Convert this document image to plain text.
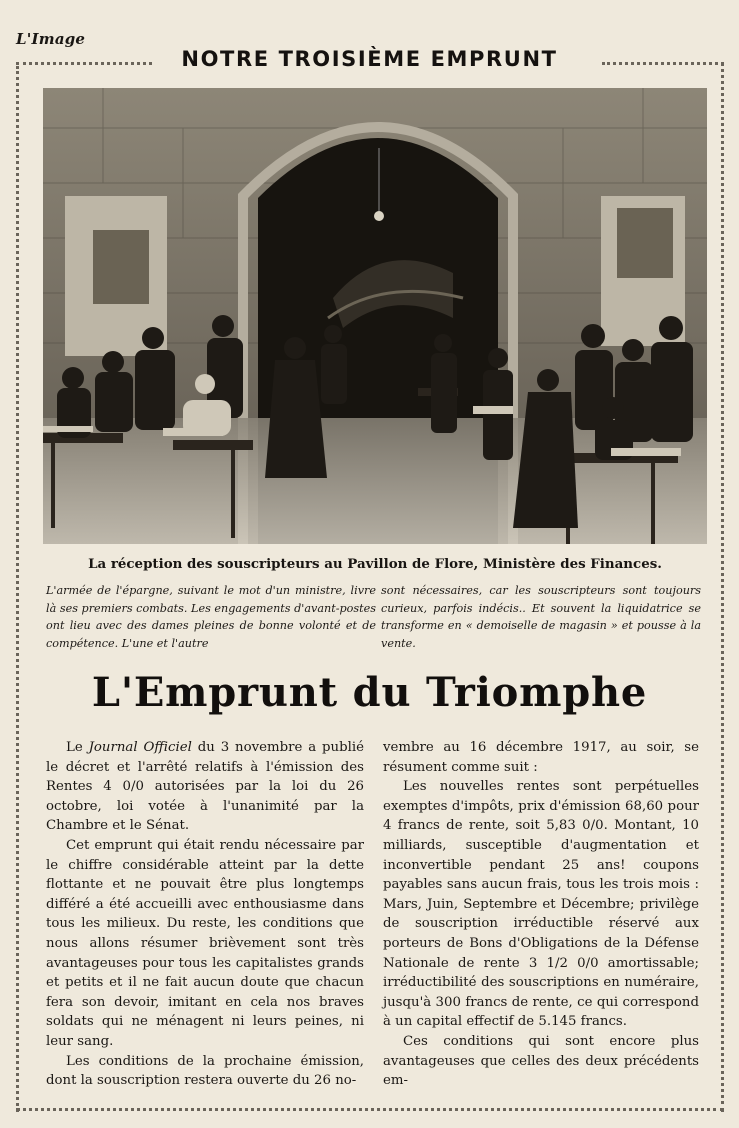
L'Image
NOTRE TROISIÈME EMPRUNT
La réception des souscripteurs au Pavillon de Flore, Ministère des Finances.
L'armée de l'épargne, suivant le mot d'un ministre, livre là ses premiers combats. Les engagements d'avant-postes ont lieu avec des dames pleines de bonne volonté et de compétence. L'une et l'autre
sont nécessaires, car les souscripteurs sont toujours curieux, parfois indécis.. Et souvent la liquidatrice se transforme en « demoiselle de magasin » et pousse à la vente.
L'Emprunt du Triomphe

Le Journal Officiel du 3 novembre a publié le décret et l'arrêté relatifs à l'émission des Rentes 4 0/0 autorisées par la loi du 26 octobre, loi votée à l'unanimité par la Chambre et le Sénat.

Cet emprunt qui était rendu nécessaire par le chiffre considérable atteint par la dette flottante et ne pouvait être plus longtemps différé a été accueilli avec enthousiasme dans tous les milieux. Du reste, les conditions que nous allons résumer brièvement sont très avantageuses pour tous les capitalistes grands et petits et il ne fait aucun doute que chacun fera son devoir, imitant en cela nos braves soldats qui ne ménagent ni leurs peines, ni leur sang.

Les conditions de la prochaine émission, dont la souscription restera ouverte du 26 no-

vembre au 16 décembre 1917, au soir, se résument comme suit :

Les nouvelles rentes sont perpétuelles exemptes d'impôts, prix d'émission 68,60 pour 4 francs de rente, soit 5,83 0/0. Montant, 10 milliards, susceptible d'augmentation et inconvertible pendant 25 ans! coupons payables sans aucun frais, tous les trois mois : Mars, Juin, Septembre et Décembre; privilège de souscription irréductible réservé aux porteurs de Bons d'Obligations de la Défense Nationale de rente 3 1/2 0/0 amortissable; irréductibilité des souscriptions en numéraire, jusqu'à 300 francs de rente, ce qui correspond à un capital effectif de 5.145 francs.

Ces conditions qui sont encore plus avantageuses que celles des deux précédents em-
